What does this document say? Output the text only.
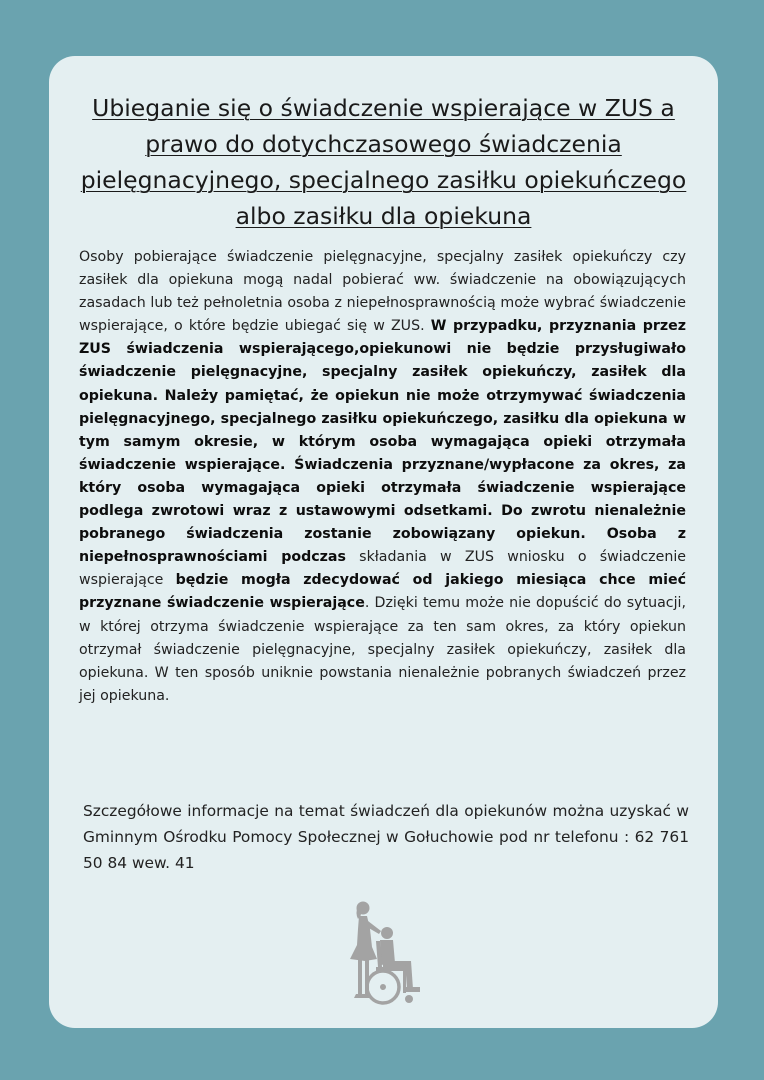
Ubieganie się o świadczenie wspierające w ZUS a prawo do dotychczasowego świadczenia pielęgnacyjnego, specjalnego zasiłku opiekuńczego albo zasiłku dla opiekuna

Osoby pobierające świadczenie pielęgnacyjne, specjalny zasiłek opiekuńczy czy zasiłek dla opiekuna mogą nadal pobierać ww. świadczenie na obowiązujących zasadach lub też pełnoletnia osoba z niepełnosprawnością może wybrać świadczenie wspierające, o które będzie ubiegać się w ZUS. W przypadku, przyznania przez ZUS świadczenia wspierającego,opiekunowi nie będzie przysługiwało świadczenie pielęgnacyjne, specjalny zasiłek opiekuńczy, zasiłek dla opiekuna. Należy pamiętać, że opiekun nie może otrzymywać świadczenia pielęgnacyjnego, specjalnego zasiłku opiekuńczego, zasiłku dla opiekuna w tym samym okresie, w którym osoba wymagająca opieki otrzymała świadczenie wspierające. Świadczenia przyznane/wypłacone za okres, za który osoba wymagająca opieki otrzymała świadczenie wspierające podlega zwrotowi wraz z ustawowymi odsetkami. Do zwrotu nienależnie pobranego świadczenia zostanie zobowiązany opiekun. Osoba z niepełnosprawnościami podczas składania w ZUS wniosku o świadczenie wspierające będzie mogła zdecydować od jakiego miesiąca chce mieć przyznane świadczenie wspierające. Dzięki temu może nie dopuścić do sytuacji, w której otrzyma świadczenie wspierające za ten sam okres, za który opiekun otrzymał świadczenie pielęgnacyjne, specjalny zasiłek opiekuńczy, zasiłek dla opiekuna. W ten sposób uniknie powstania nienależnie pobranych świadczeń przez jej opiekuna.

Szczegółowe informacje na temat świadczeń dla opiekunów można uzyskać w Gminnym Ośrodku Pomocy Społecznej w Gołuchowie pod nr telefonu : 62 761 50 84 wew. 41
